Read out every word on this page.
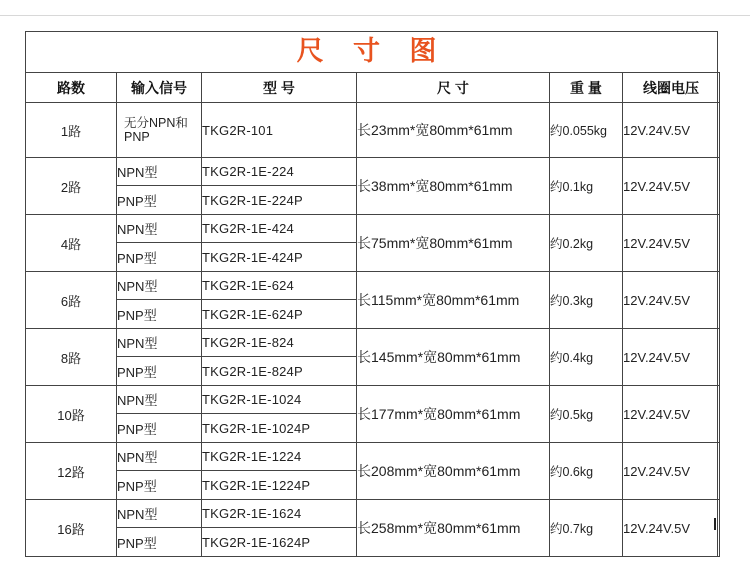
尺 寸 图
路数	输入信号	型 号	尺 寸	重 量	线圈电压
1路	无分NPN和PNP	TKG2R-101	长23mm*宽80mm*61mm	约0.055kg	12V.24V.5V
2路	NPN型	TKG2R-1E-224	长38mm*宽80mm*61mm	约0.1kg	12V.24V.5V
	PNP型	TKG2R-1E-224P			
4路	NPN型	TKG2R-1E-424	长75mm*宽80mm*61mm	约0.2kg	12V.24V.5V
	PNP型	TKG2R-1E-424P			
6路	NPN型	TKG2R-1E-624	长115mm*宽80mm*61mm	约0.3kg	12V.24V.5V
	PNP型	TKG2R-1E-624P			
8路	NPN型	TKG2R-1E-824	长145mm*宽80mm*61mm	约0.4kg	12V.24V.5V
	PNP型	TKG2R-1E-824P			
10路	NPN型	TKG2R-1E-1024	长177mm*宽80mm*61mm	约0.5kg	12V.24V.5V
	PNP型	TKG2R-1E-1024P			
12路	NPN型	TKG2R-1E-1224	长208mm*宽80mm*61mm	约0.6kg	12V.24V.5V
	PNP型	TKG2R-1E-1224P			
16路	NPN型	TKG2R-1E-1624	长258mm*宽80mm*61mm	约0.7kg	12V.24V.5V
	PNP型	TKG2R-1E-1624P			
